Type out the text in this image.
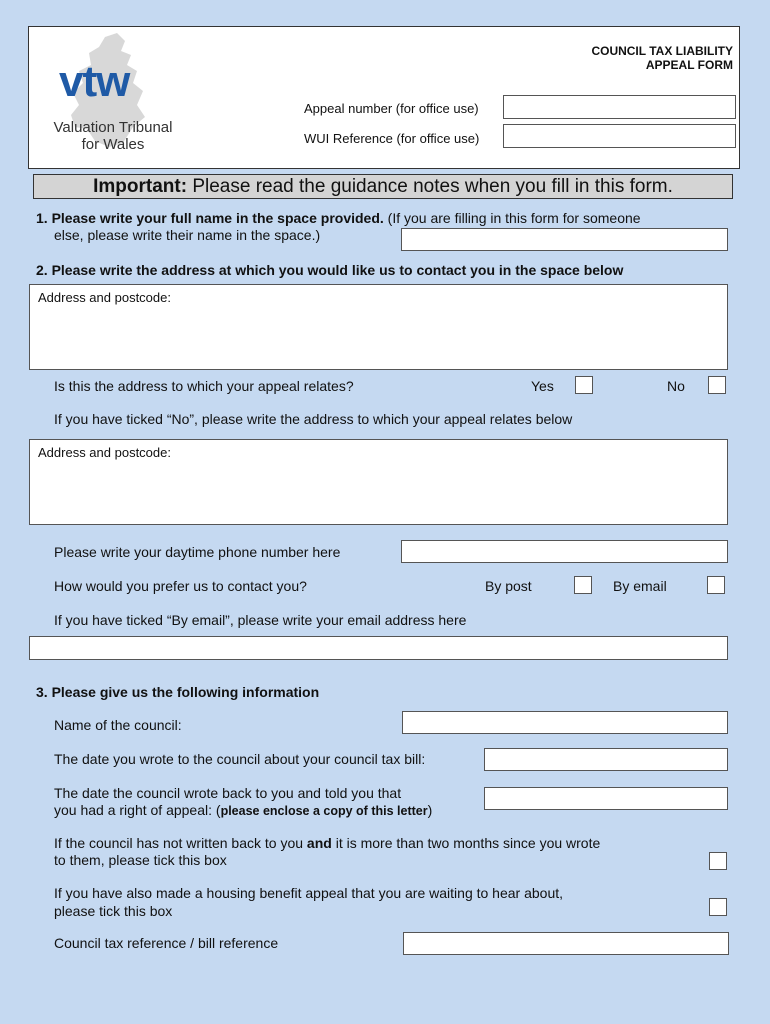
vtw
Valuation Tribunal
for Wales
COUNCIL TAX LIABILITY
APPEAL FORM
Appeal number (for office use)
WUI Reference (for office use)
Important: Please read the guidance notes when you fill in this form.
1. Please write your full name in the space provided. (If you are filling in this form for someone
else, please write their name in the space.)
2. Please write the address at which you would like us to contact you in the space below
Address and postcode:
Is this the address to which your appeal relates?	Yes	No
If you have ticked “No”, please write the address to which your appeal relates below
Address and postcode:
Please write your daytime phone number here
How would you prefer us to contact you?	By post	By email
If you have ticked “By email”, please write your email address here
3. Please give us the following information
Name of the council:
The date you wrote to the council about your council tax bill:
The date the council wrote back to you and told you that
you had a right of appeal: (please enclose a copy of this letter)
If the council has not written back to you and it is more than two months since you wrote
to them, please tick this box
If you have also made a housing benefit appeal that you are waiting to hear about,
please tick this box
Council tax reference / bill reference
